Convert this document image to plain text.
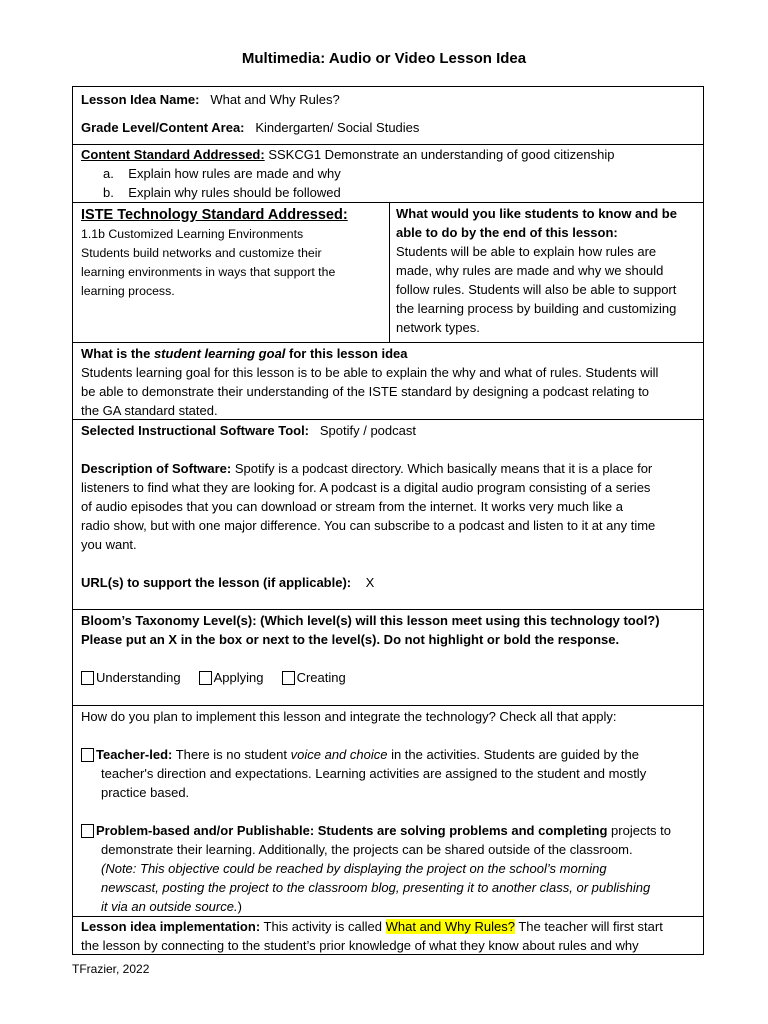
Multimedia: Audio or Video Lesson Idea
Lesson Idea Name: What and Why Rules?
Grade Level/Content Area: Kindergarten/ Social Studies
Content Standard Addressed: SSKCG1 Demonstrate an understanding of good citizenship
a. Explain how rules are made and why
b. Explain why rules should be followed
ISTE Technology Standard Addressed:
1.1b Customized Learning Environments
Students build networks and customize their
learning environments in ways that support the
learning process.
What would you like students to know and be
able to do by the end of this lesson:
Students will be able to explain how rules are
made, why rules are made and why we should
follow rules. Students will also be able to support
the learning process by building and customizing
network types.
What is the student learning goal for this lesson idea
Students learning goal for this lesson is to be able to explain the why and what of rules. Students will
be able to demonstrate their understanding of the ISTE standard by designing a podcast relating to
the GA standard stated.
Selected Instructional Software Tool: Spotify / podcast
Description of Software: Spotify is a podcast directory. Which basically means that it is a place for
listeners to find what they are looking for. A podcast is a digital audio program consisting of a series
of audio episodes that you can download or stream from the internet. It works very much like a
radio show, but with one major difference. You can subscribe to a podcast and listen to it at any time
you want.
URL(s) to support the lesson (if applicable): X
Bloom’s Taxonomy Level(s): (Which level(s) will this lesson meet using this technology tool?)
Please put an X in the box or next to the level(s). Do not highlight or bold the response.
Understanding	Applying	Creating
How do you plan to implement this lesson and integrate the technology? Check all that apply:
Teacher-led: There is no student voice and choice in the activities. Students are guided by the
teacher's direction and expectations. Learning activities are assigned to the student and mostly
practice based.
Problem-based and/or Publishable: Students are solving problems and completing projects to
demonstrate their learning. Additionally, the projects can be shared outside of the classroom.
(Note: This objective could be reached by displaying the project on the school’s morning
newscast, posting the project to the classroom blog, presenting it to another class, or publishing
it via an outside source.)
Lesson idea implementation: This activity is called What and Why Rules? The teacher will first start
the lesson by connecting to the student’s prior knowledge of what they know about rules and why
TFrazier, 2022
